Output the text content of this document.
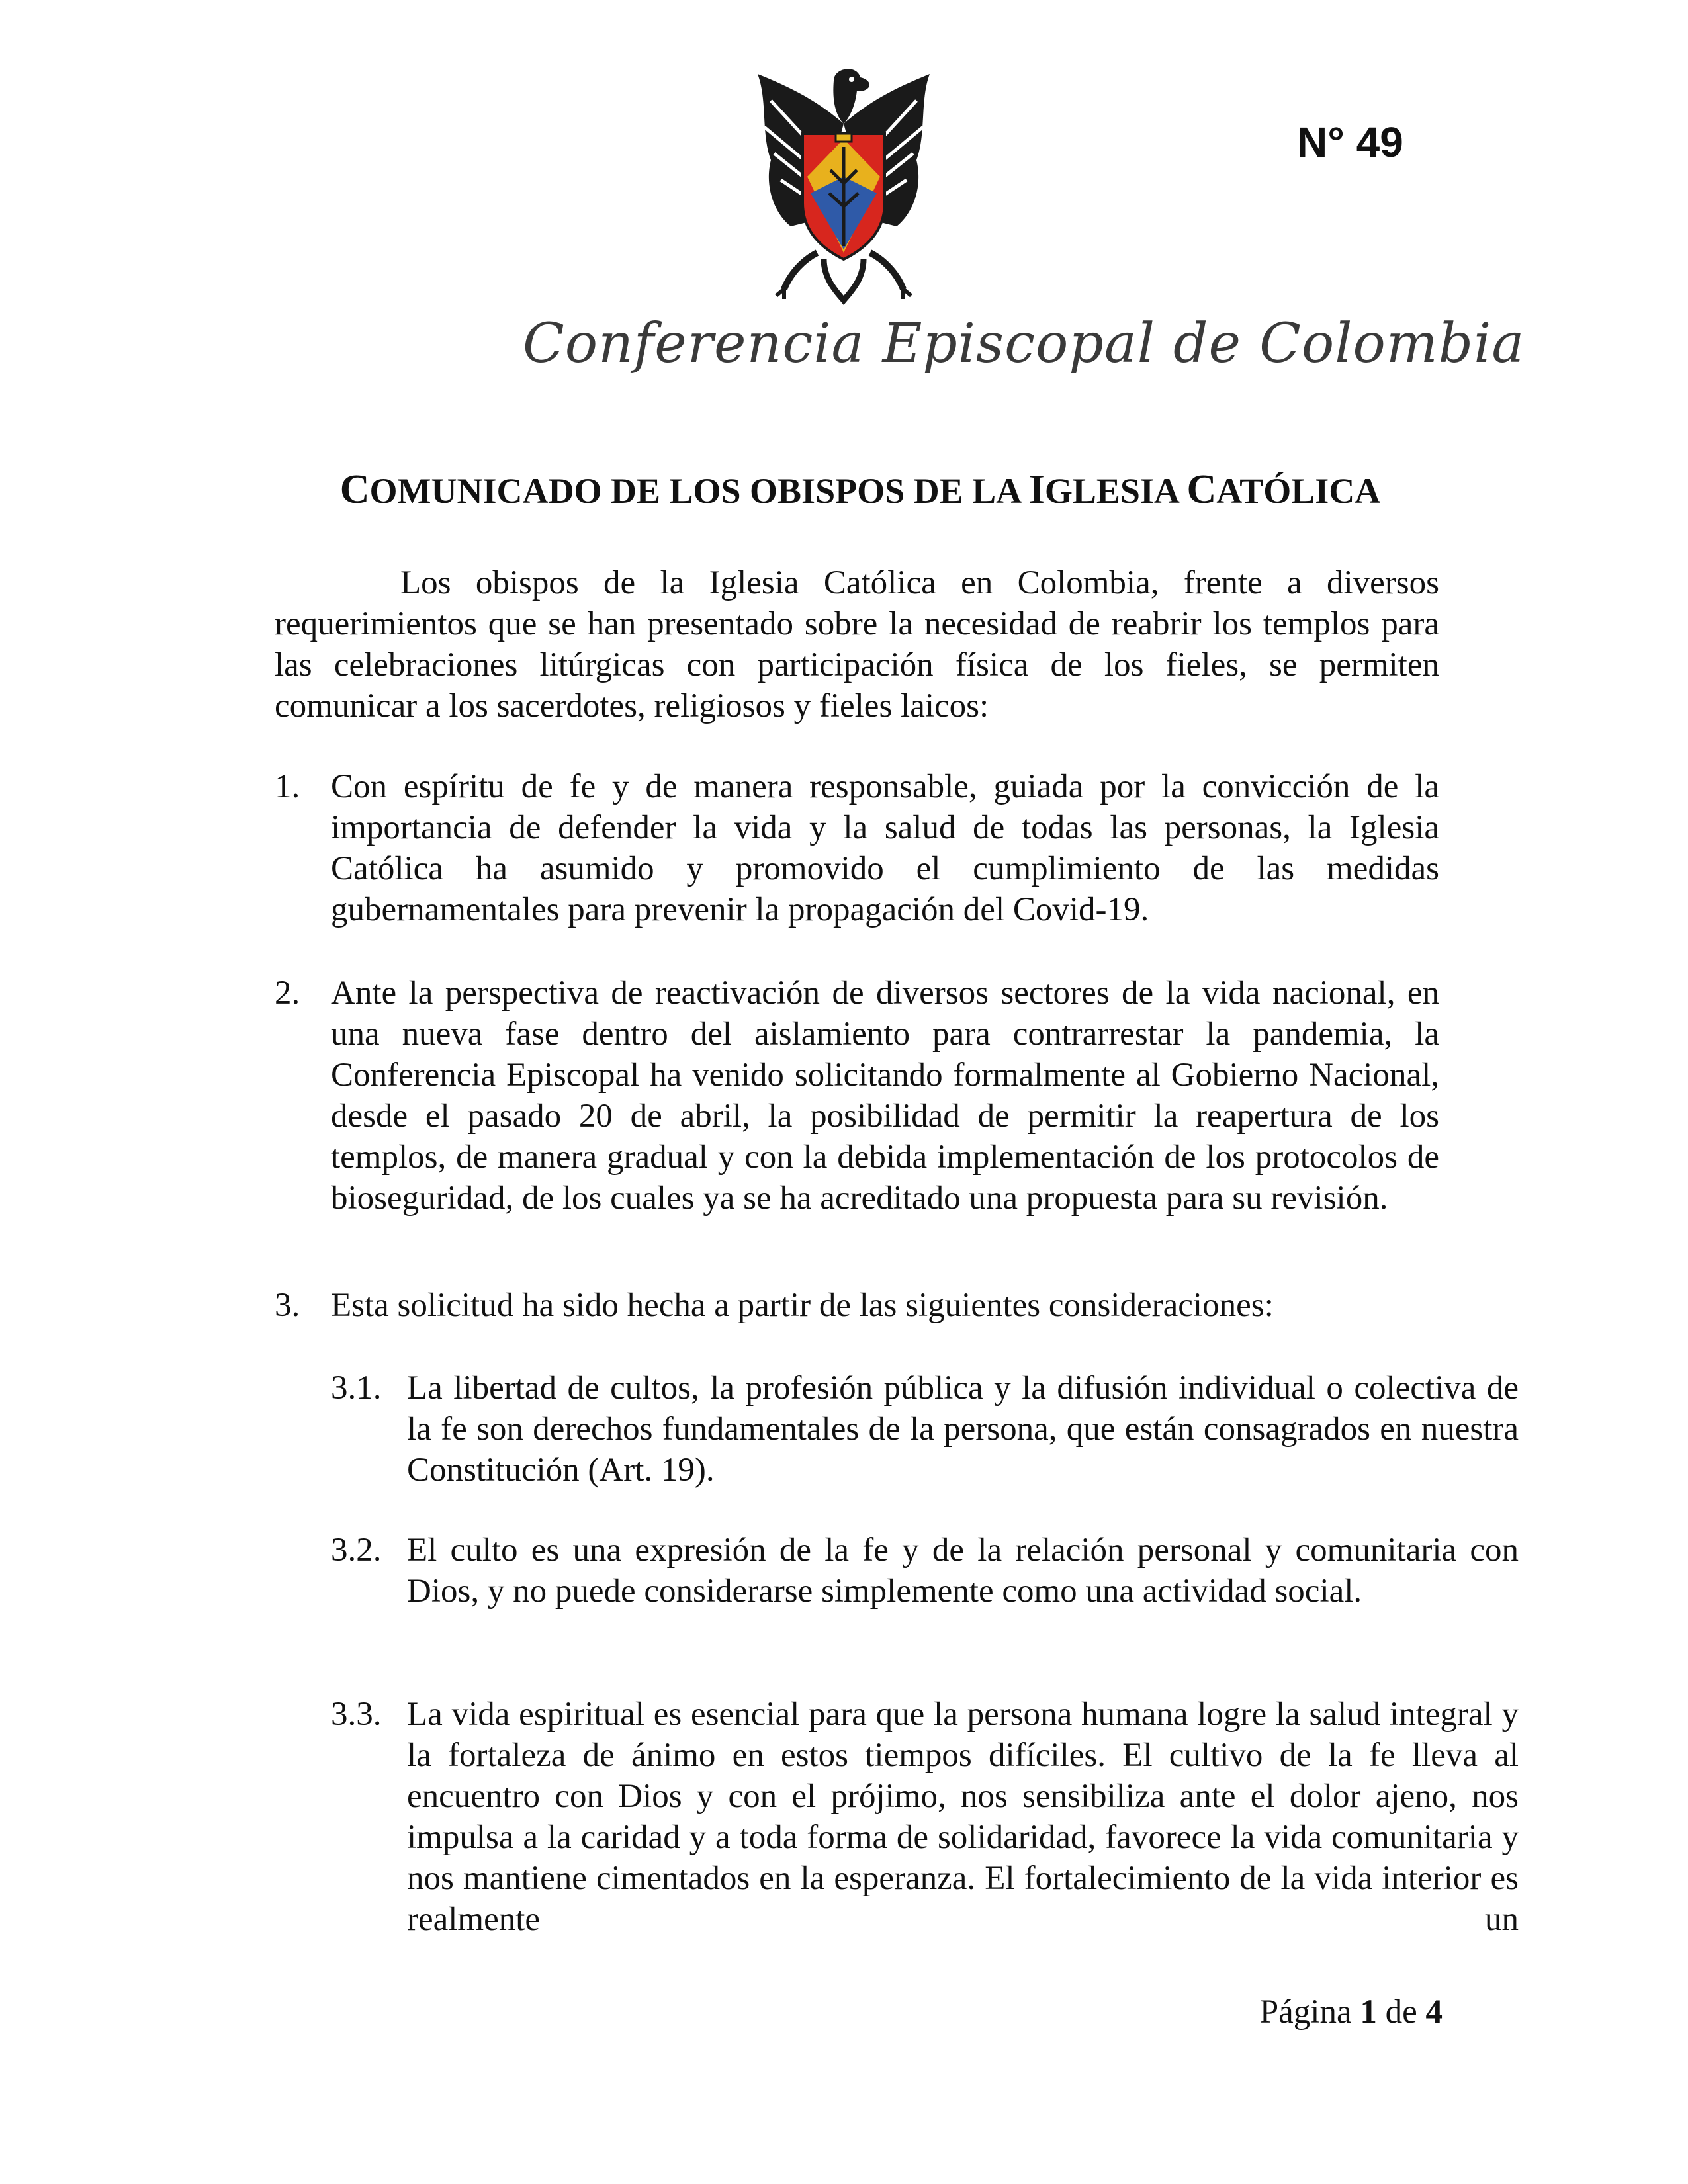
Conferencia Episcopal de Colombia
N° 49
COMUNICADO DE LOS OBISPOS DE LA IGLESIA CATÓLICA

Los obispos de la Iglesia Católica en Colombia, frente a diversos requerimientos que se han presentado sobre la necesidad de reabrir los templos para las celebraciones litúrgicas con participación física de los fieles, se permiten comunicar a los sacerdotes, religiosos y fieles laicos:

1. Con espíritu de fe y de manera responsable, guiada por la convicción de la importancia de defender la vida y la salud de todas las personas, la Iglesia Católica ha asumido y promovido el cumplimiento de las medidas gubernamentales para prevenir la propagación del Covid-19.

2. Ante la perspectiva de reactivación de diversos sectores de la vida nacional, en una nueva fase dentro del aislamiento para contrarrestar la pandemia, la Conferencia Episcopal ha venido solicitando formalmente al Gobierno Nacional, desde el pasado 20 de abril, la posibilidad de permitir la reapertura de los templos, de manera gradual y con la debida implementación de los protocolos de bioseguridad, de los cuales ya se ha acreditado una propuesta para su revisión.

3. Esta solicitud ha sido hecha a partir de las siguientes consideraciones:

3.1. La libertad de cultos, la profesión pública y la difusión individual o colectiva de la fe son derechos fundamentales de la persona, que están consagrados en nuestra Constitución (Art. 19).

3.2. El culto es una expresión de la fe y de la relación personal y comunitaria con Dios, y no puede considerarse simplemente como una actividad social.

3.3. La vida espiritual es esencial para que la persona humana logre la salud integral y la fortaleza de ánimo en estos tiempos difíciles. El cultivo de la fe lleva al encuentro con Dios y con el prójimo, nos sensibiliza ante el dolor ajeno, nos impulsa a la caridad y a toda forma de solidaridad, favorece la vida comunitaria y nos mantiene cimentados en la esperanza. El fortalecimiento de la vida interior es realmente un

Página 1 de 4
